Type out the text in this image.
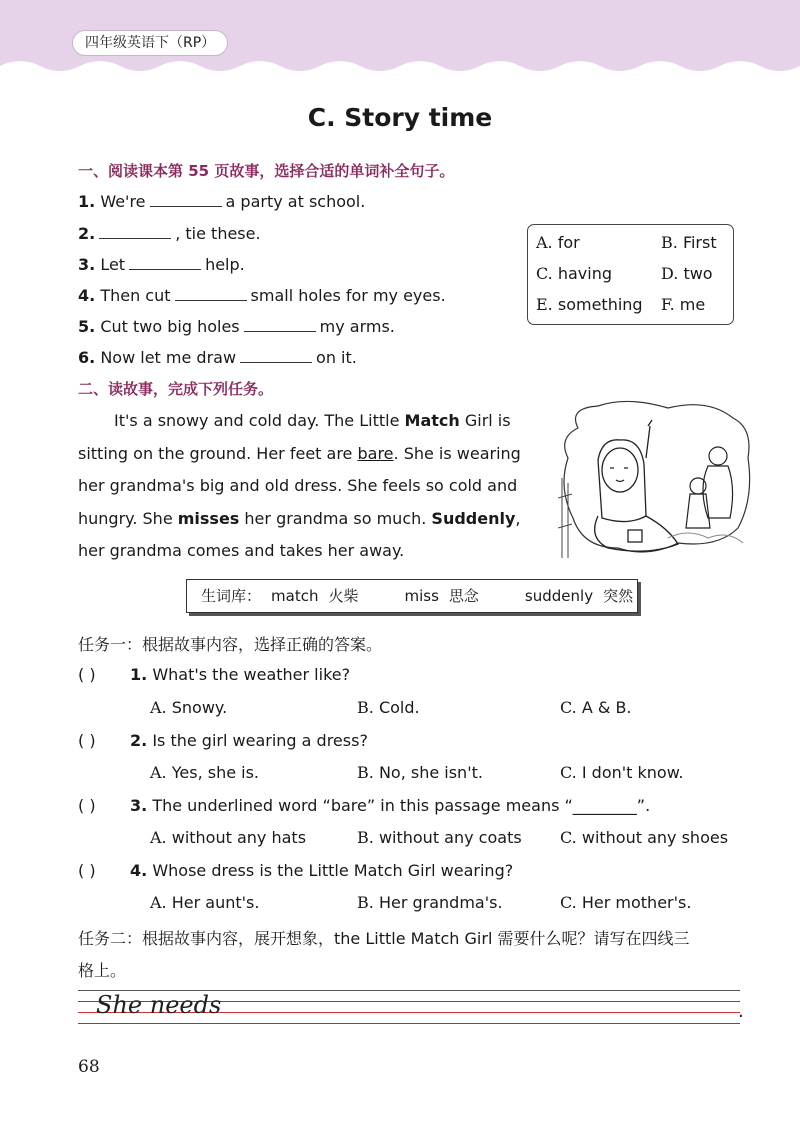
四年级英语下（RP）
C. Story time
一、阅读课本第 55 页故事，选择合适的单词补全句子。
1. We're	a party at school.
2.	, tie these.
3. Let	help.
4. Then cut	small holes for my eyes.
5. Cut two big holes	my arms.
6. Now let me draw	on it.
A. for	B. First
C. having	D. two
E. something F. me
二、读故事，完成下列任务。

It's a snowy and cold day. The Little Match Girl is sitting on the ground. Her feet are bare. She is wearing her grandma's big and old dress. She feels so cold and hungry. She misses her grandma so much. Suddenly, her grandma comes and takes her away.

生词库： match 火柴	miss 思念	suddenly 突然
任务一：根据故事内容，选择正确的答案。
( ) 1. What's the weather like?
A. Snowy.	B. Cold.	C. A & B.
( ) 2. Is the girl wearing a dress?
A. Yes, she is.	B. No, she isn't.	C. I don't know.
( ) 3. The underlined word “bare” in this passage means “________”.
A. without any hats	B. without any coats C. without any shoes
( ) 4. Whose dress is the Little Match Girl wearing?
A. Her aunt's.	B. Her grandma's.	C. Her mother's.
任务二：根据故事内容，展开想象，the Little Match Girl 需要什么呢？请写在四线三
格上。
She needs	.
68
